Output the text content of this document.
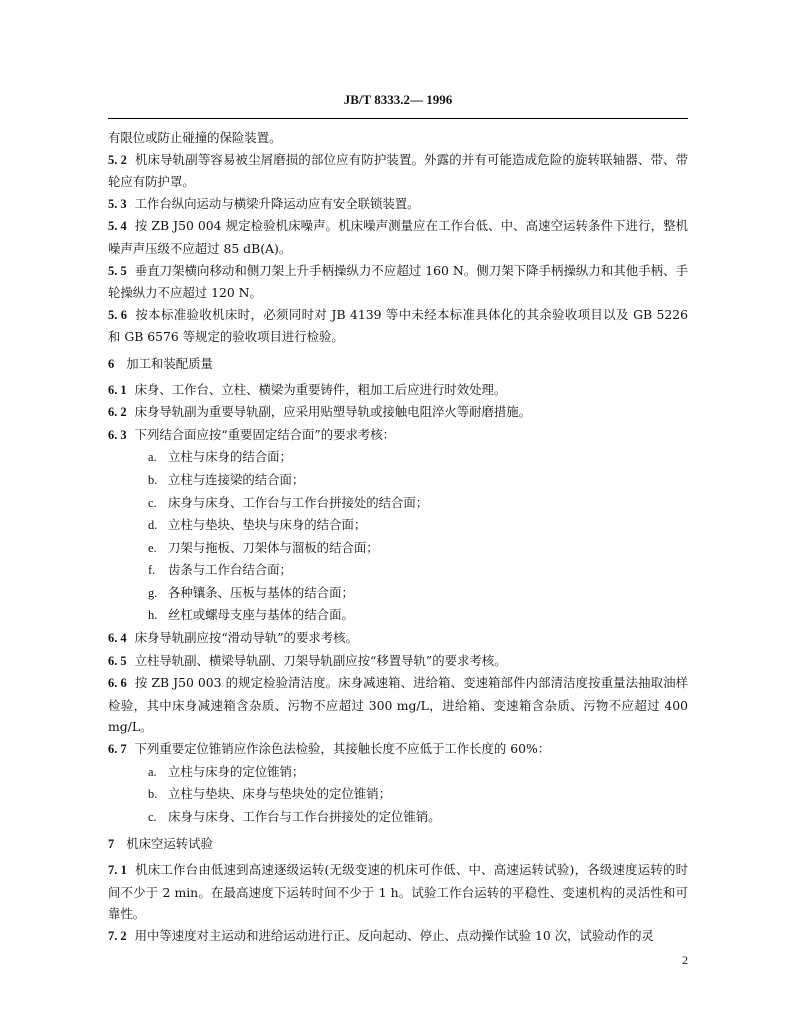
JB/T 8333.2— 1996
有限位或防止碰撞的保险装置。
5. 2 机床导轨副等容易被尘屑磨损的部位应有防护装置。外露的并有可能造成危险的旋转联轴器、带、带轮应有防护罩。
5. 3 工作台纵向运动与横梁升降运动应有安全联锁装置。
5. 4 按 ZB J50 004 规定检验机床噪声。机床噪声测量应在工作台低、中、高速空运转条件下进行，整机噪声声压级不应超过 85 dB(A)。
5. 5 垂直刀架横向移动和侧刀架上升手柄操纵力不应超过 160 N。侧刀架下降手柄操纵力和其他手柄、手轮操纵力不应超过 120 N。
5. 6 按本标准验收机床时，必须同时对 JB 4139 等中未经本标准具体化的其余验收项目以及 GB 5226 和 GB 6576 等规定的验收项目进行检验。
6 加工和装配质量
6. 1 床身、工作台、立柱、横梁为重要铸件，粗加工后应进行时效处理。
6. 2 床身导轨副为重要导轨副，应采用贴塑导轨或接触电阻淬火等耐磨措施。
6. 3 下列结合面应按“重要固定结合面”的要求考核：
a. 立柱与床身的结合面；
b. 立柱与连接梁的结合面；
c. 床身与床身、工作台与工作台拼接处的结合面；
d. 立柱与垫块、垫块与床身的结合面；
e. 刀架与拖板、刀架体与溜板的结合面；
f. 齿条与工作台结合面；
g. 各种镶条、压板与基体的结合面；
h. 丝杠或螺母支座与基体的结合面。
6. 4 床身导轨副应按“滑动导轨”的要求考核。
6. 5 立柱导轨副、横梁导轨副、刀架导轨副应按“移置导轨”的要求考核。
6. 6 按 ZB J50 003 的规定检验清洁度。床身减速箱、进给箱、变速箱部件内部清洁度按重量法抽取油样检验，其中床身减速箱含杂质、污物不应超过 300 mg/L，进给箱、变速箱含杂质、污物不应超过 400 mg/L。
6. 7 下列重要定位锥销应作涂色法检验，其接触长度不应低于工作长度的 60%：
a. 立柱与床身的定位锥销；
b. 立柱与垫块、床身与垫块处的定位锥销；
c. 床身与床身、工作台与工作台拼接处的定位锥销。
7 机床空运转试验
7. 1 机床工作台由低速到高速逐级运转(无级变速的机床可作低、中、高速运转试验)，各级速度运转的时间不少于 2 min。在最高速度下运转时间不少于 1 h。试验工作台运转的平稳性、变速机构的灵活性和可靠性。
7. 2 用中等速度对主运动和进给运动进行正、反向起动、停止、点动操作试验 10 次，试验动作的灵
2
